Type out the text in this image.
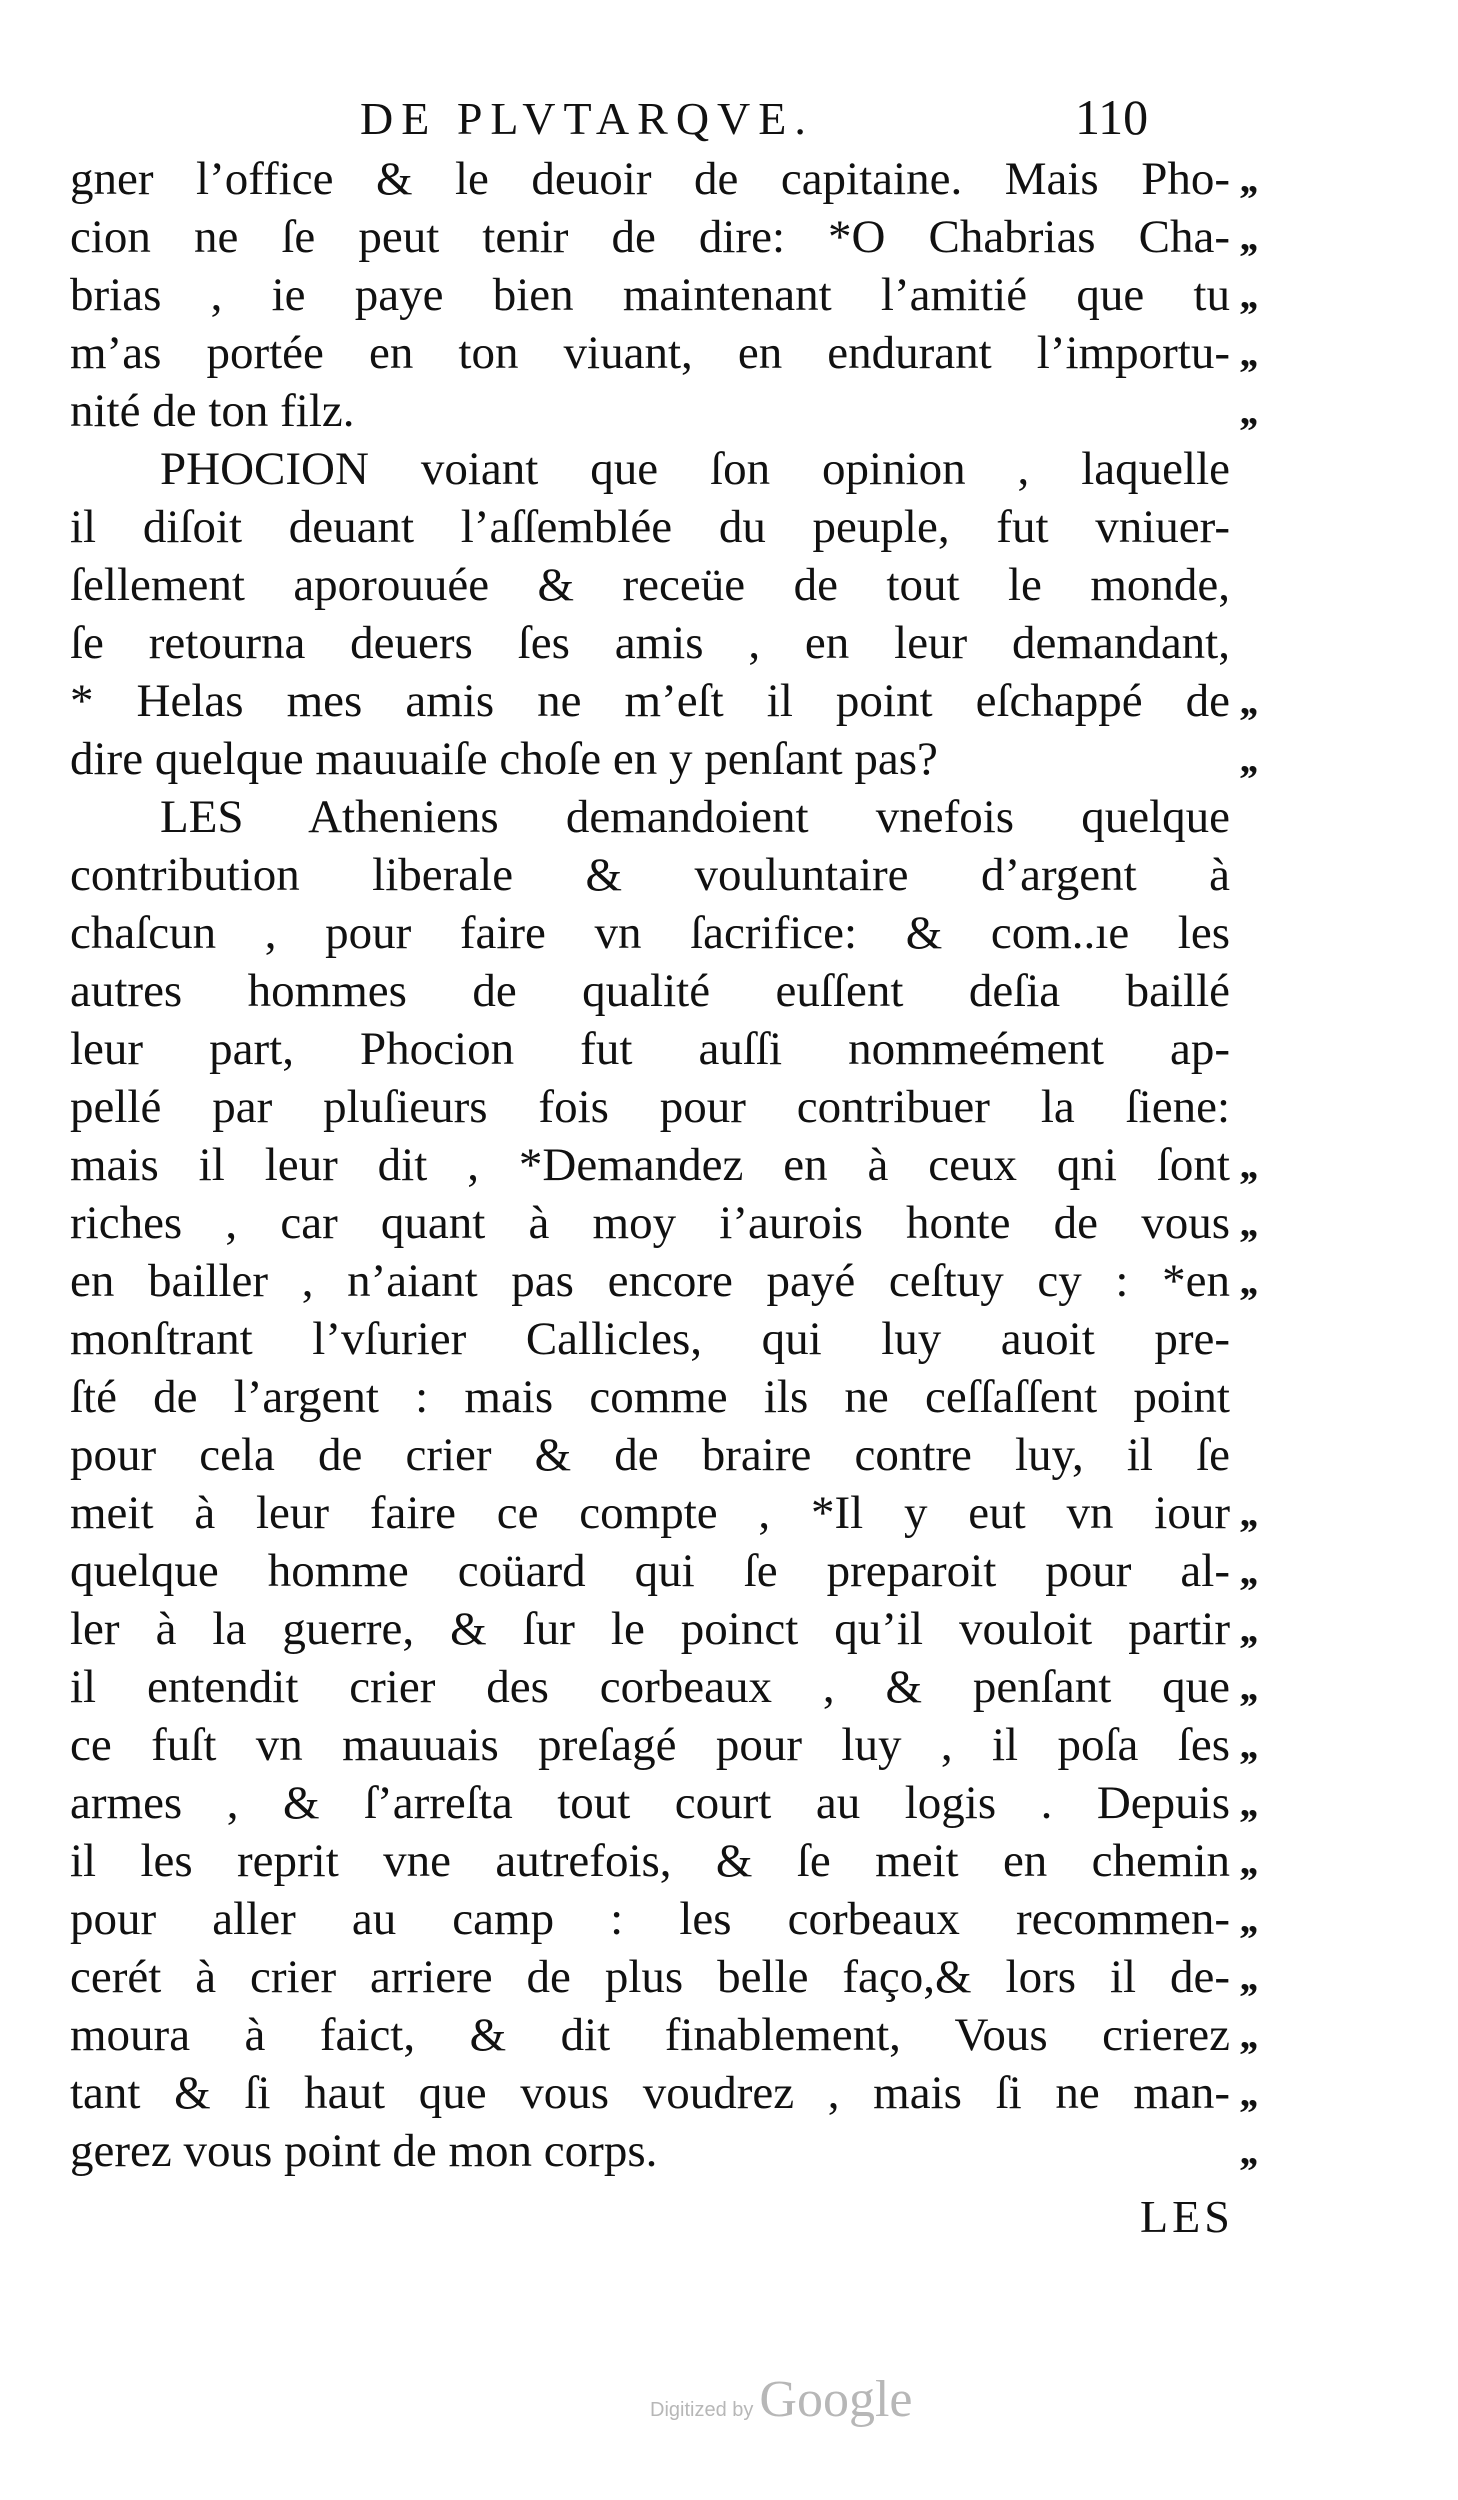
DE PLVTARQVE.	110
gner l’office & le deuoir de capitaine. Mais Pho-
cion ne ſe peut tenir de dire: *O Chabrias Cha-
brias , ie paye bien maintenant l’amitié que tu
m’as portée en ton viuant, en endurant l’importu-
nité de ton filz.
PHOCION voiant que ſon opinion , laquelle
il diſoit deuant l’aſſemblée du peuple, fut vniuer-
ſellement aporouuée & receüe de tout le monde,
ſe retourna deuers ſes amis , en leur demandant,
* Helas mes amis ne m’eſt il point eſchappé de
dire quelque mauuaiſe choſe en y penſant pas?
LES Atheniens demandoient vnefois quelque
contribution liberale & vouluntaire d’argent à
chaſcun , pour faire vn ſacrifice: & com..ıe les
autres hommes de qualité euſſent deſia baillé
leur part, Phocion fut auſſi nommeément ap-
pellé par pluſieurs fois pour contribuer la ſiene:
mais il leur dit , *Demandez en à ceux qni ſont
riches , car quant à moy i’aurois honte de vous
en bailler , n’aiant pas encore payé ceſtuy cy : *en
monſtrant l’vſurier Callicles, qui luy auoit pre-
ſté de l’argent : mais comme ils ne ceſſaſſent point
pour cela de crier & de braire contre luy, il ſe
meit à leur faire ce compte , *Il y eut vn iour
quelque homme coüard qui ſe preparoit pour al-
ler à la guerre, & ſur le poinct qu’il vouloit partir
il entendit crier des corbeaux , & penſant que
ce fuſt vn mauuais preſagé pour luy , il poſa ſes
armes , & ſ’arreſta tout court au logis . Depuis
il les reprit vne autrefois, & ſe meit en chemin
pour aller au camp : les corbeaux recommen-
cerét à crier arriere de plus belle faço,& lors il de-
moura à faict, & dit finablement, Vous crierez
tant & ſi haut que vous voudrez , mais ſi ne man-
gerez vous point de mon corps.
,,
,,
,,
,,
,,
,,
,,
,,
,,
,,
,,
,,
,,
,,
,,
,,
,,
,,
,,
,,
,,
,,
LES
Digitized by Google
